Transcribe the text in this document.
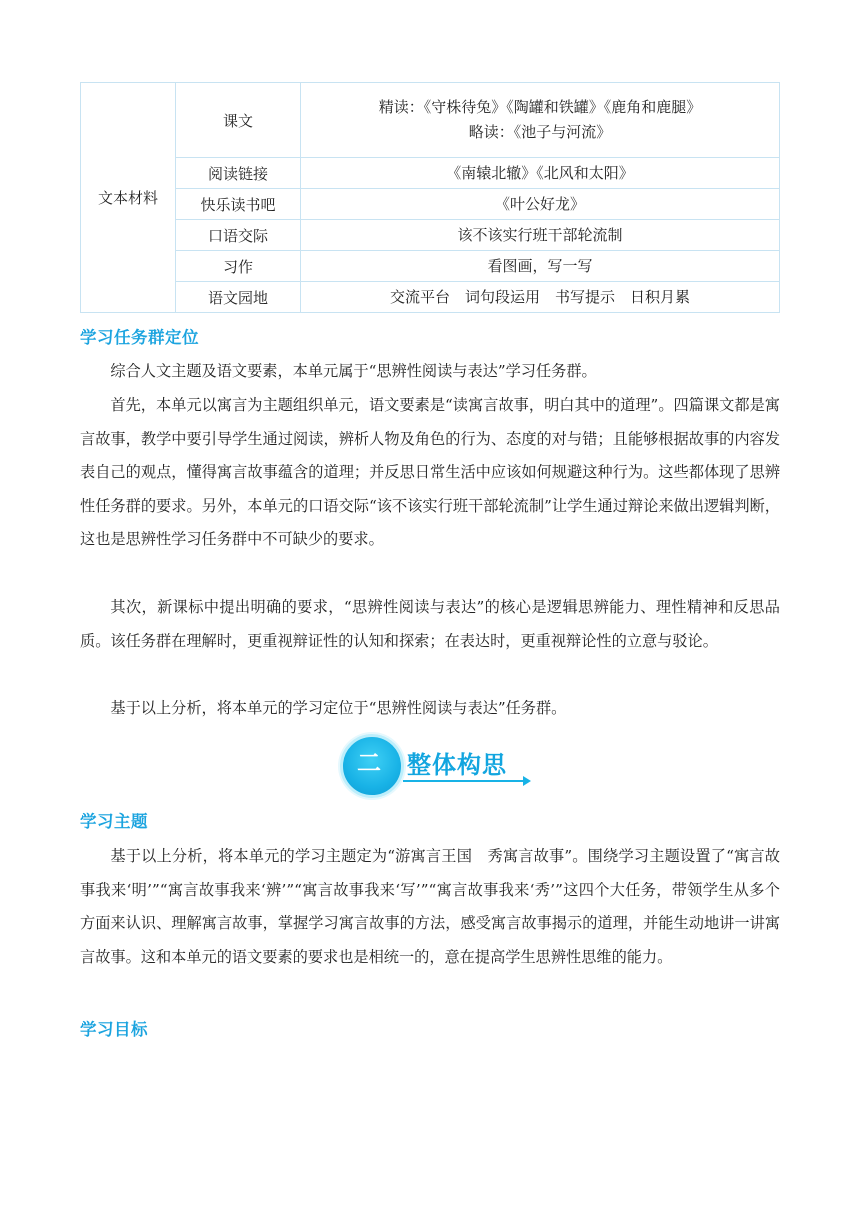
文本材料	课文	精读：《守株待兔》《陶罐和铁罐》《鹿角和鹿腿》
略读：《池子与河流》

	阅读链接	《南辕北辙》《北风和太阳》
	快乐读书吧	《叶公好龙》
	口语交际	该不该实行班干部轮流制
	习作	看图画，写一写
	语文园地	交流平台　词句段运用　书写提示　日积月累
学习任务群定位

综合人文主题及语文要素，本单元属于“思辨性阅读与表达”学习任务群。

首先，本单元以寓言为主题组织单元，语文要素是“读寓言故事，明白其中的道理”。四篇课文都是寓言故事，教学中要引导学生通过阅读，辨析人物及角色的行为、态度的对与错；且能够根据故事的内容发表自己的观点，懂得寓言故事蕴含的道理；并反思日常生活中应该如何规避这种行为。这些都体现了思辨性任务群的要求。另外，本单元的口语交际“该不该实行班干部轮流制”让学生通过辩论来做出逻辑判断，这也是思辨性学习任务群中不可缺少的要求。

其次，新课标中提出明确的要求，“思辨性阅读与表达”的核心是逻辑思辨能力、理性精神和反思品质。该任务群在理解时，更重视辩证性的认知和探索；在表达时，更重视辩论性的立意与驳论。

基于以上分析，将本单元的学习定位于“思辨性阅读与表达”任务群。

二	整体构思
学习主题

基于以上分析，将本单元的学习主题定为“游寓言王国　秀寓言故事”。围绕学习主题设置了“寓言故事我来‘明’”“寓言故事我来‘辨’”“寓言故事我来‘写’”“寓言故事我来‘秀’”这四个大任务，带领学生从多个方面来认识、理解寓言故事，掌握学习寓言故事的方法，感受寓言故事揭示的道理，并能生动地讲一讲寓言故事。这和本单元的语文要素的要求也是相统一的，意在提高学生思辨性思维的能力。

学习目标
